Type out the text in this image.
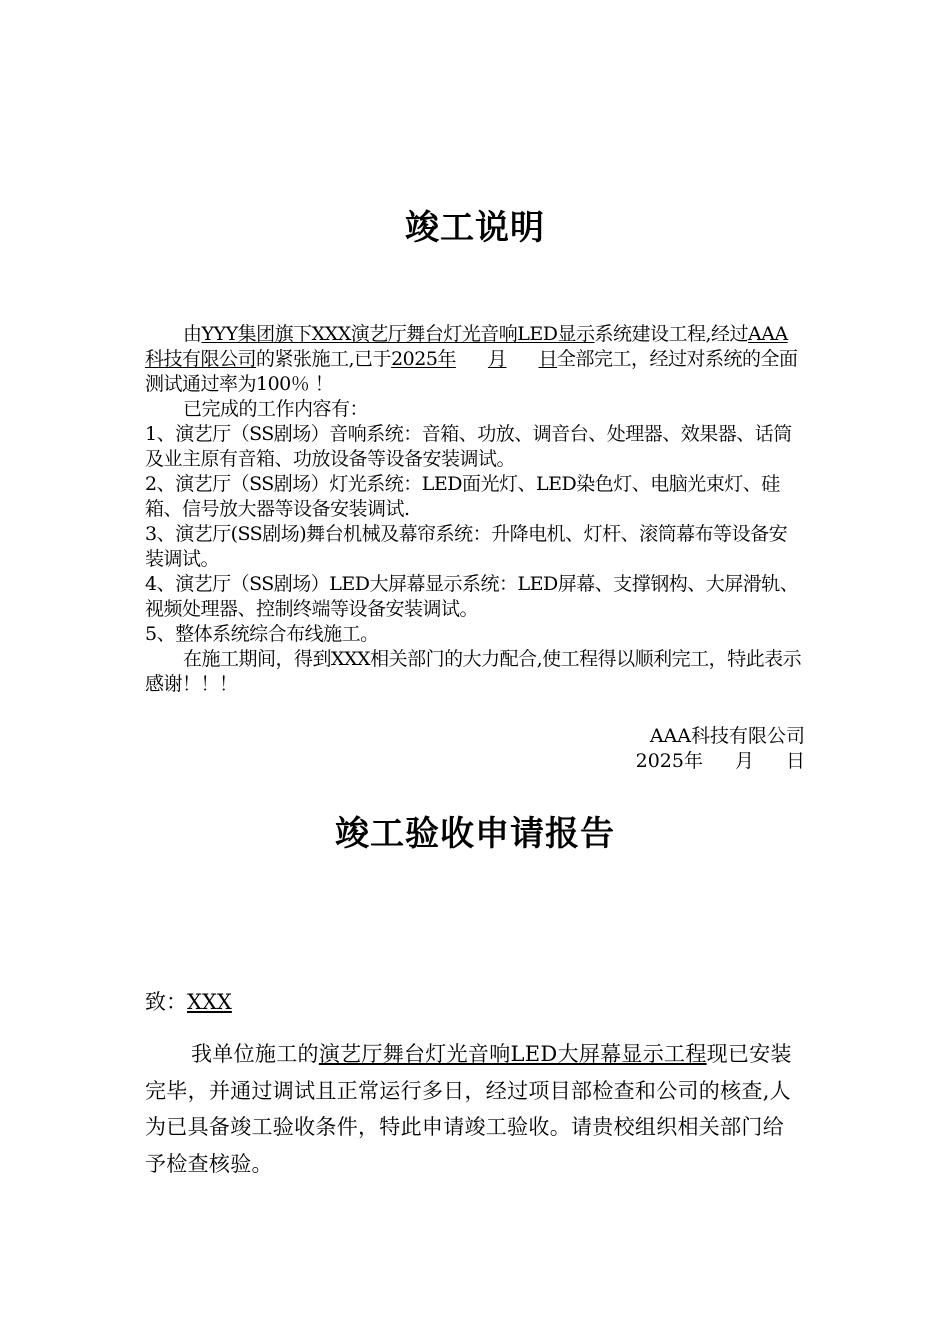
竣工说明

由YYY集团旗下XXX演艺厅舞台灯光音响LED显示系统建设工程,经过AAA科技有限公司的紧张施工,已于2025年 月 日全部完工，经过对系统的全面测试通过率为100％ ！

已完成的工作内容有：

1、演艺厅（SS剧场）音响系统：音箱、功放、调音台、处理器、效果器、话筒及业主原有音箱、功放设备等设备安装调试。

2、演艺厅（SS剧场）灯光系统：LED面光灯、LED染色灯、电脑光束灯、硅箱、信号放大器等设备安装调试.

3、演艺厅(SS剧场)舞台机械及幕帘系统：升降电机、灯杆、滚筒幕布等设备安装调试。

4、演艺厅（SS剧场）LED大屏幕显示系统：LED屏幕、支撑钢构、大屏滑轨、视频处理器、控制终端等设备安装调试。

5、整体系统综合布线施工。

在施工期间，得到XXX相关部门的大力配合,使工程得以顺利完工，特此表示感谢！！！

AAA科技有限公司
2025年 月 日
竣工验收申请报告
致：XXX

我单位施工的演艺厅舞台灯光音响LED大屏幕显示工程现已安装完毕，并通过调试且正常运行多日，经过项目部检查和公司的核查,人为已具备竣工验收条件，特此申请竣工验收。请贵校组织相关部门给予检查核验。
